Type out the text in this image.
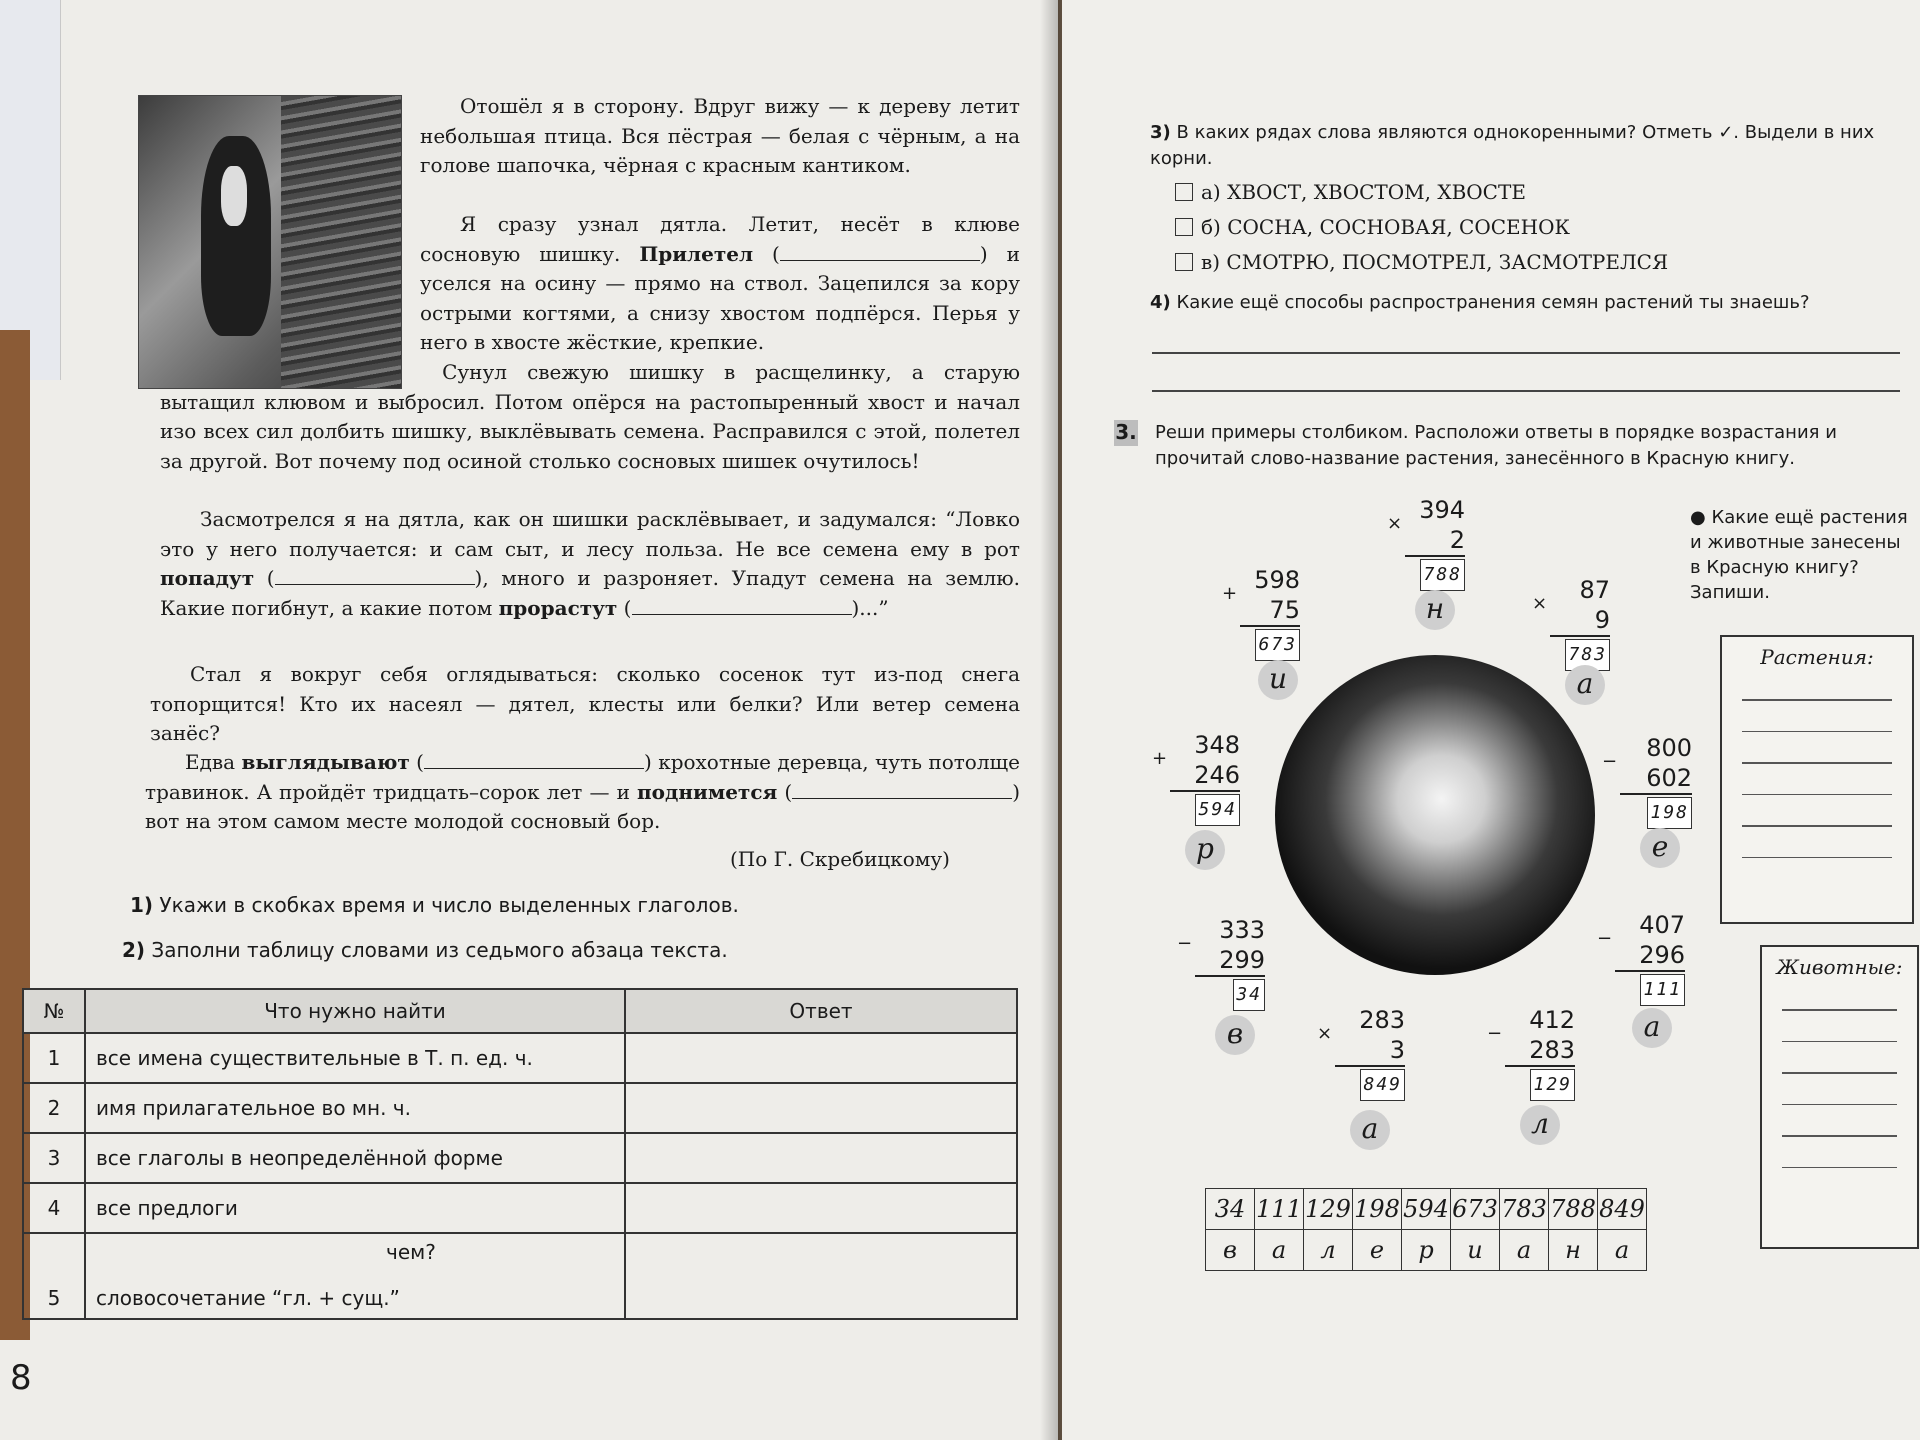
Отошёл я в сторону. Вдруг вижу — к дереву летит небольшая птица. Вся пёстрая — белая с чёрным, а на голове шапочка, чёрная с красным кантиком.
Я сразу узнал дятла. Летит, несёт в клюве сосновую шишку. Прилетел (	) и уселся на осину — прямо на ствол. Зацепился за кору острыми когтями, а снизу хвостом подпёрся. Перья у него в хвосте жёсткие, крепкие.
Сунул свежую шишку в расщелинку, а старую вытащил клювом и выбросил. Потом опёрся на растопыренный хвост и начал изо всех сил долбить шишку, выклёвывать семена. Расправился с этой, полетел за другой. Вот почему под осиной столько сосновых шишек очутилось!
Засмотрелся я на дятла, как он шишки расклёвывает, и задумался: “Ловко это у него получается: и сам сыт, и лесу польза. Не все семена ему в рот попадут (	), много и разроняет. Упадут семена на землю. Какие погибнут, а какие потом прорастут (	)...”
Стал я вокруг себя оглядываться: сколько сосенок тут из-под снега топорщится! Кто их насеял — дятел, клесты или белки? Или ветер семена занёс?
Едва выглядывают (	) крохотные деревца, чуть потолще травинок. А пройдёт тридцать–сорок лет — и поднимется (	) вот на этом самом месте молодой сосновый бор.
(По Г. Скребицкому)
1) Укажи в скобках время и число выделенных глаголов.
2) Заполни таблицу словами из седьмого абзаца текста.
№	Что нужно найти	Ответ
1	все имена существительные в Т. п. ед. ч.	
2	имя прилагательное во мн. ч.	
3	все глаголы в неопределённой форме	
4	все предлоги	
5	чем?
словосочетание “гл. + сущ.”	
8
3) В каких рядах слова являются однокоренными? Отметь ✓. Выдели в них корни.
а) ХВОСТ, ХВОСТОМ, ХВОСТЕ
б) СОСНА, СОСНОВАЯ, СОСЕНОК
в) СМОТРЮ, ПОСМОТРЕЛ, ЗАСМОТРЕЛСЯ
4) Какие ещё способы распространения семян растений ты знаешь?
3. Реши примеры столбиком. Расположи ответы в порядке возрастания и прочитай слово-название растения, занесённого в Красную книгу.
× 394
2
788
н
+ 598
75
673
и
×	87
9
783
а
+	348
246
594
р
−	800
602
198
е
−	333
299
34
в
−	407
296
111
а
×	283
3
849
а
−	412
283
129
л
● Какие ещё растения и животные занесены в Красную книгу? Запиши.
Растения:
Животные:
34	111	129	198	594	673	783	788	849
в	а	л	е	р	и	а	н	а
